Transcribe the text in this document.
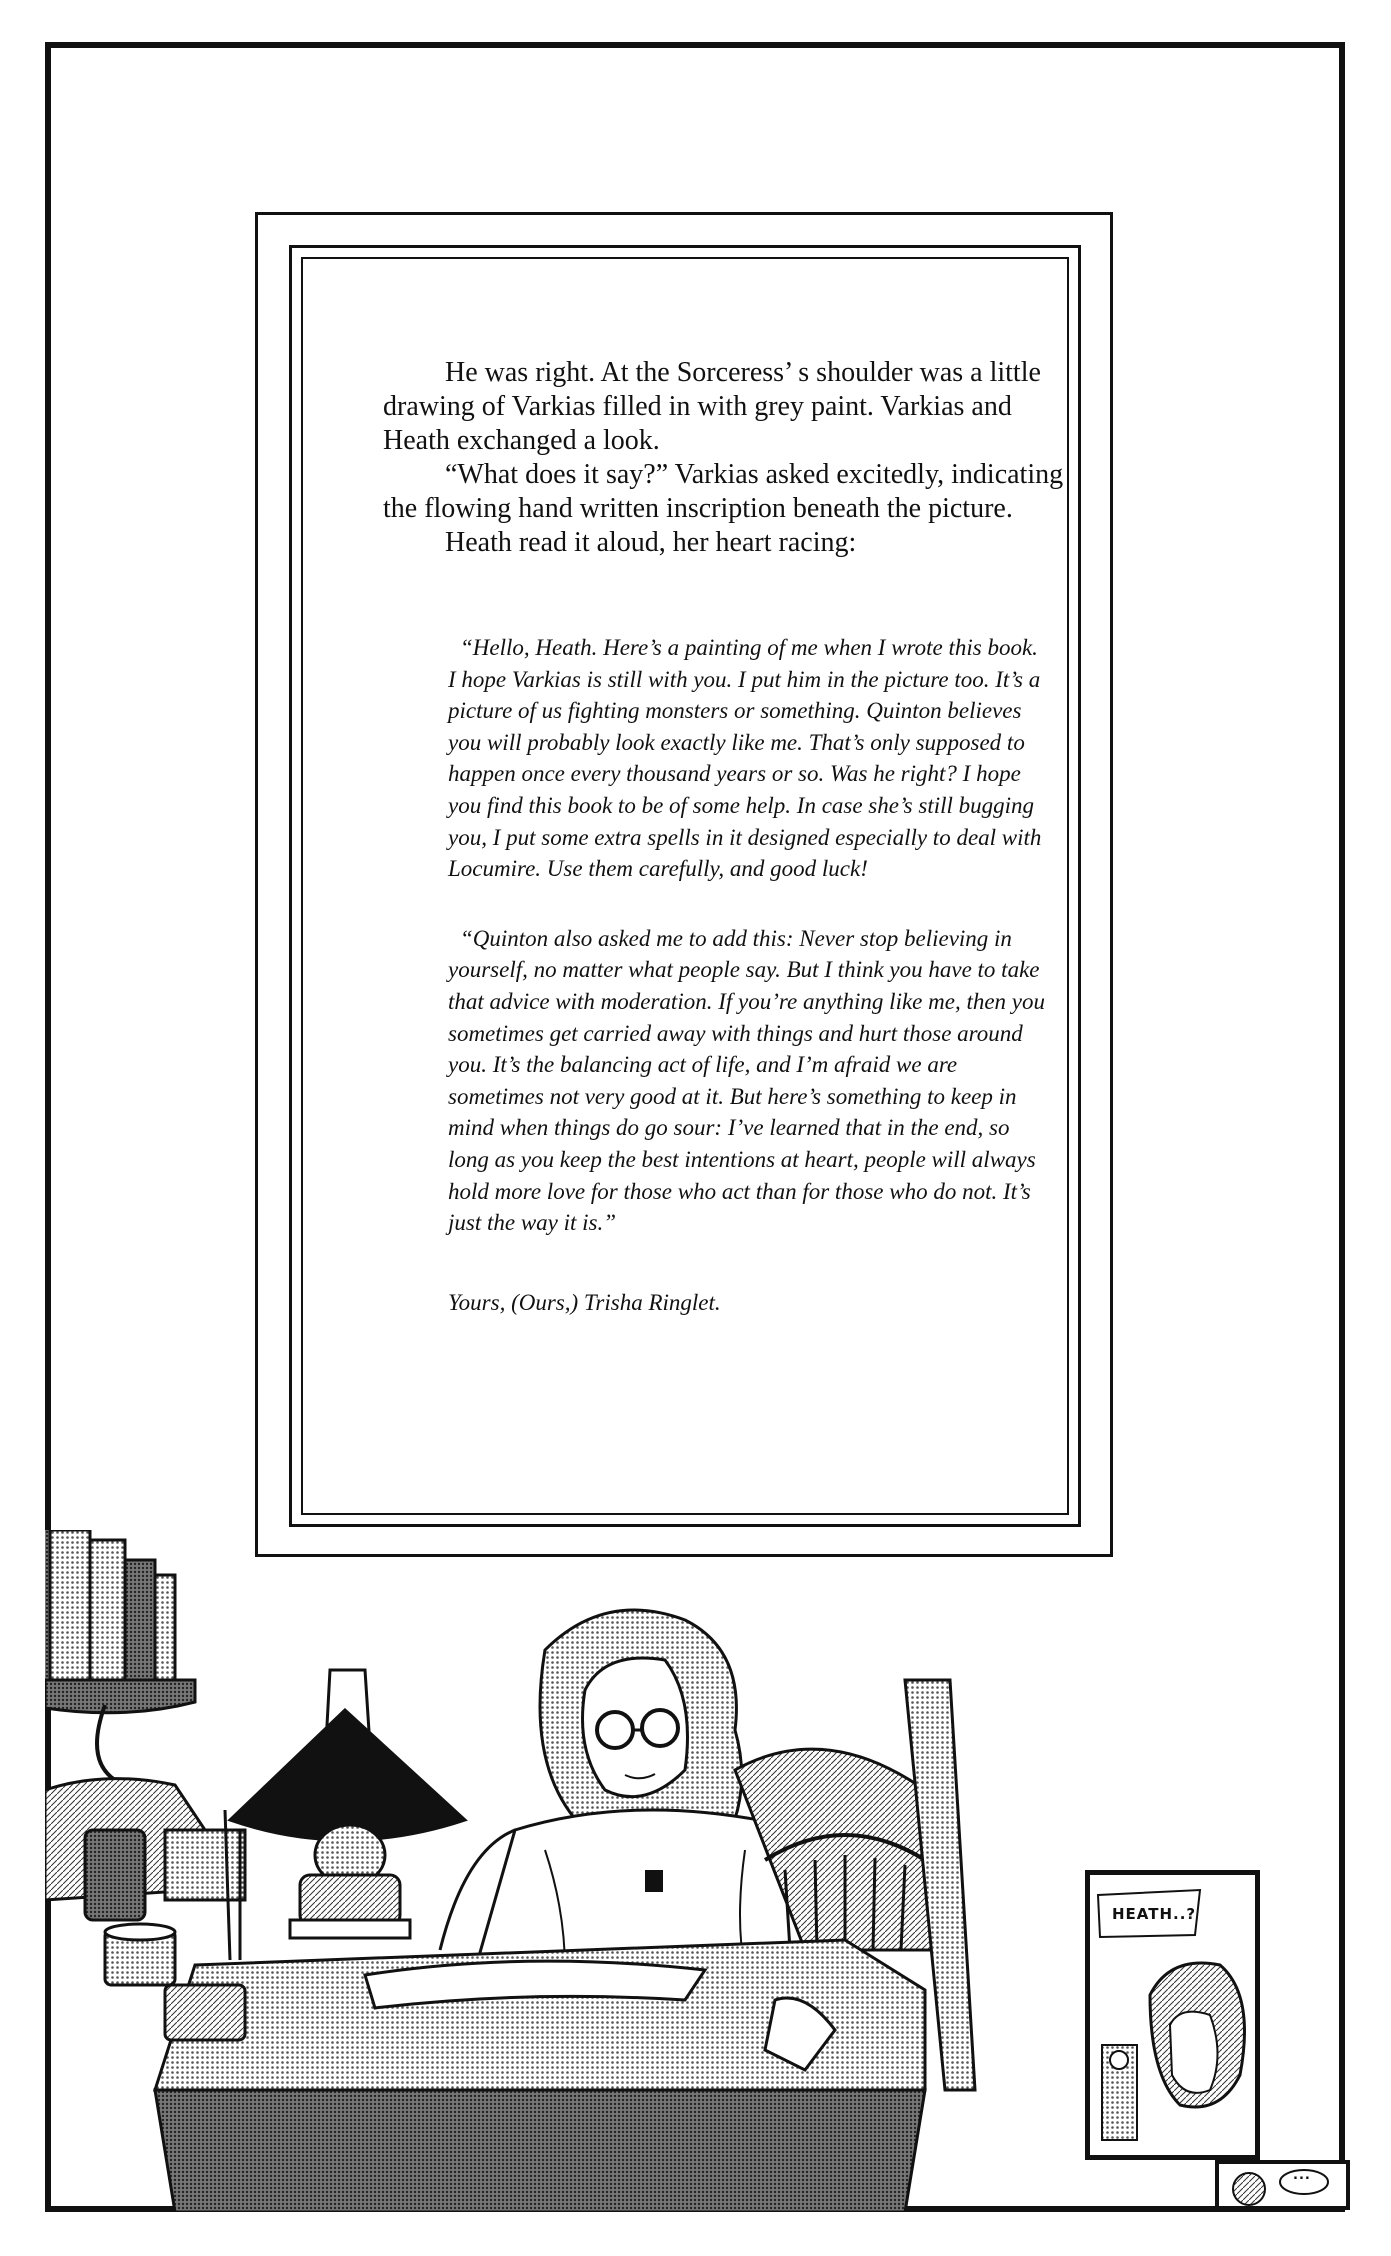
He was right. At the Sorceress’ s shoulder was a little drawing of Varkias filled in with grey paint. Varkias and Heath exchanged a look.

“What does it say?” Varkias asked excitedly, indicating the flowing hand written inscription beneath the picture.

Heath read it aloud, her heart racing:

“Hello, Heath. Here’s a painting of me when I wrote this book. I hope Varkias is still with you. I put him in the picture too. It’s a picture of us fighting monsters or something. Quinton believes you will probably look exactly like me. That’s only supposed to happen once every thousand years or so. Was he right? I hope you find this book to be of some help. In case she’s still bugging you, I put some extra spells in it designed especially to deal with Locumire. Use them carefully, and good luck!

“Quinton also asked me to add this: Never stop believing in yourself, no matter what people say. But I think you have to take that advice with moderation. If you’re anything like me, then you sometimes get carried away with things and hurt those around you. It’s the balancing act of life, and I’m afraid we are sometimes not very good at it. But here’s something to keep in mind when things do go sour: I’ve learned that in the end, so long as you keep the best intentions at heart, people will always hold more love for those who act than for those who do not. It’s just the way it is.”

Yours, (Ours,) Trisha Ringlet.

HEATH..?
...
